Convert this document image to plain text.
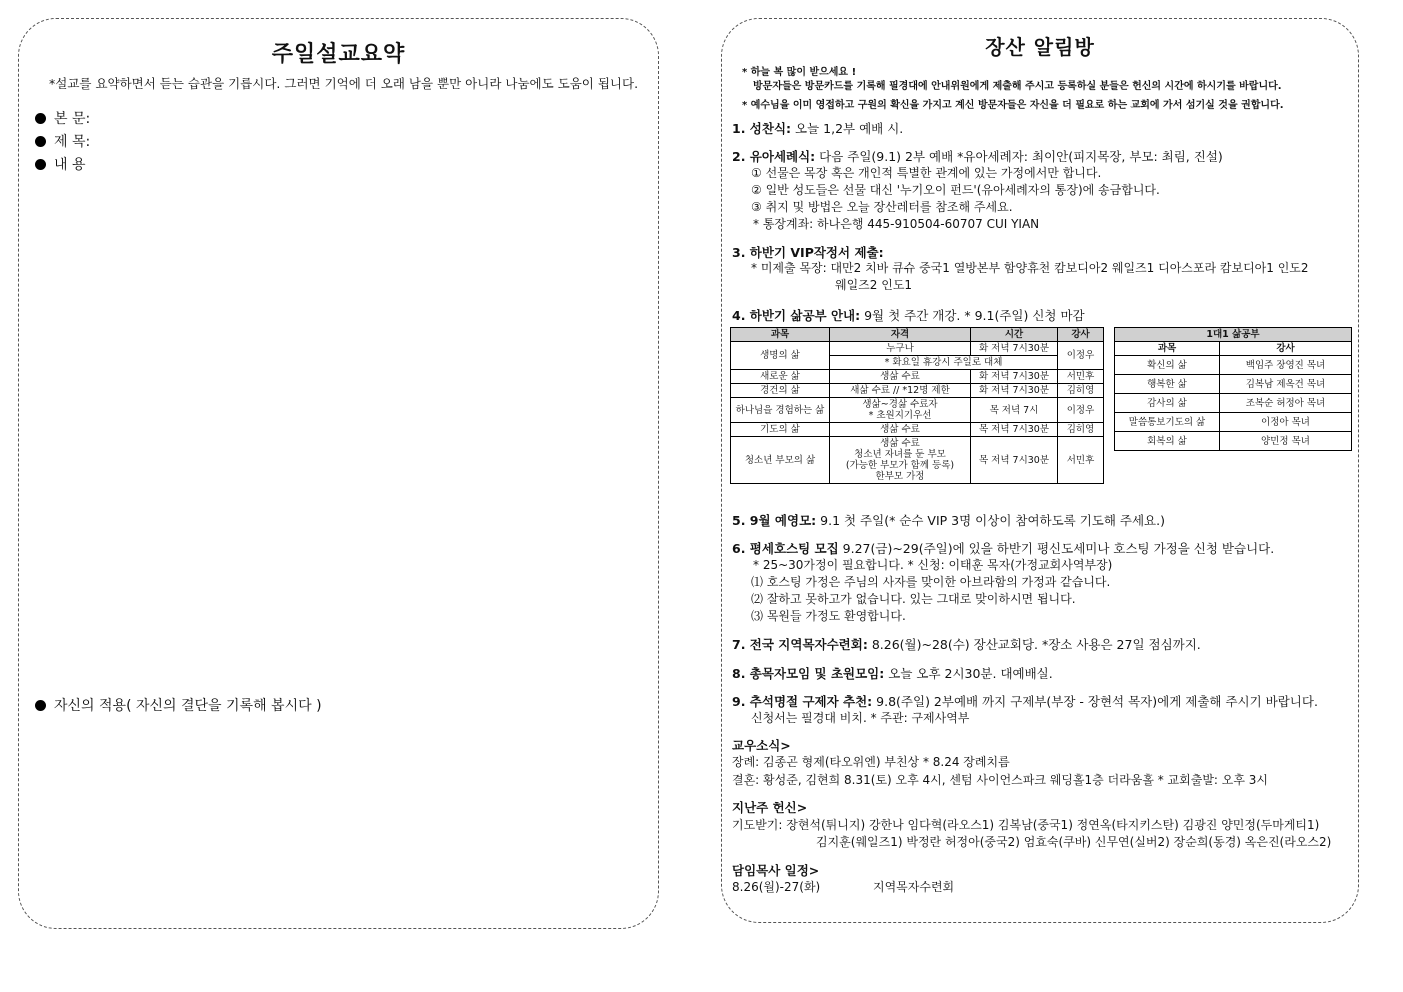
주일설교요약
*설교를 요약하면서 듣는 습관을 기릅시다. 그러면 기억에 더 오래 남을 뿐만 아니라 나눔에도 도움이 됩니다.
본 문:
제 목:
내 용
자신의 적용( 자신의 결단을 기록해 봅시다 )
장산 알림방
* 하늘 복 많이 받으세요 !
방문자들은 방문카드를 기록해 필경대에 안내위원에게 제출해 주시고 등록하실 분들은 헌신의 시간에 하시기를 바랍니다.
* 예수님을 이미 영접하고 구원의 확신을 가지고 계신 방문자들은 자신을 더 필요로 하는 교회에 가서 섬기실 것을 권합니다.
1. 성찬식: 오늘 1,2부 예배 시.
2. 유아세례식: 다음 주일(9.1) 2부 예배 *유아세례자: 최이안(피지목장, 부모: 최림, 진설)
① 선물은 목장 혹은 개인적 특별한 관계에 있는 가정에서만 합니다.
② 일반 성도들은 선물 대신 '누기오이 펀드'(유아세례자의 통장)에 송금합니다.
③ 취지 및 방법은 오늘 장산레터를 참조해 주세요.
* 통장계좌: 하나은행 445-910504-60707 CUI YIAN
3. 하반기 VIP작정서 제출:
* 미제출 목장: 대만2 치바 큐슈 중국1 열방본부 함양휴천 캄보디아2 웨일즈1 디아스포라 캄보디아1 인도2
웨일즈2 인도1
4. 하반기 삶공부 안내: 9월 첫 주간 개강. * 9.1(주일) 신청 마감
과목	자격	시간	강사
생명의 삶	누구나	화 저녁 7시30분	이정우
	* 화요일 휴강시 주일로 대체		
새로운 삶	생삶 수료	화 저녁 7시30분	서민후
경건의 삶	새삶 수료 // *12명 제한	화 저녁 7시30분	김히영
하나님을 경험하는 삶	생삶~경삶 수료자
* 초원지기우선	목 저녁 7시	이정우
기도의 삶	생삶 수료	목 저녁 7시30분	김히영
청소년 부모의 삶	생삶 수료
청소년 자녀를 둔 부모
(가능한 부모가 함께 등록)
한부모 가정	목 저녁 7시30분	서민후
1대1 삶공부	
과목	강사
확신의 삶	백임주 장영진 목녀
행복한 삶	김복남 제옥건 목녀
감사의 삶	조복순 허정아 목녀
말씀통보기도의 삶	이정아 목녀
회복의 삶	양민정 목녀
5. 9월 예영모: 9.1 첫 주일(* 순수 VIP 3명 이상이 참여하도록 기도해 주세요.)
6. 평세호스팅 모집 9.27(금)~29(주일)에 있을 하반기 평신도세미나 호스팅 가정을 신청 받습니다.
* 25~30가정이 필요합니다. * 신청: 이태훈 목자(가정교회사역부장)
⑴ 호스팅 가정은 주님의 사자를 맞이한 아브라함의 가정과 같습니다.
⑵ 잘하고 못하고가 없습니다. 있는 그대로 맞이하시면 됩니다.
⑶ 목원들 가정도 환영합니다.
7. 전국 지역목자수련회: 8.26(월)~28(수) 장산교회당. *장소 사용은 27일 점심까지.
8. 총목자모임 및 초원모임: 오늘 오후 2시30분. 대예배실.
9. 추석명절 구제자 추천: 9.8(주일) 2부예배 까지 구제부(부장 - 장현석 목자)에게 제출해 주시기 바랍니다.
신청서는 필경대 비치. * 주관: 구제사역부
교우소식>
장례: 김종곤 형제(타오위엔) 부친상 * 8.24 장례치름
결혼: 황성준, 김현희 8.31(토) 오후 4시, 센텀 사이언스파크 웨딩홀1층 더라움홀 * 교회출발: 오후 3시
지난주 헌신>
기도받기: 장현석(튀니지) 강한나 임다혁(라오스1) 김복남(중국1) 정연옥(타지키스탄) 김광진 양민정(두마게티1)
김지훈(웨일즈1) 박정란 허정아(중국2) 엄효숙(쿠바) 신무연(실버2) 장순희(동경) 옥은진(라오스2)
담임목사 일정>
8.26(월)-27(화)	지역목자수련회
